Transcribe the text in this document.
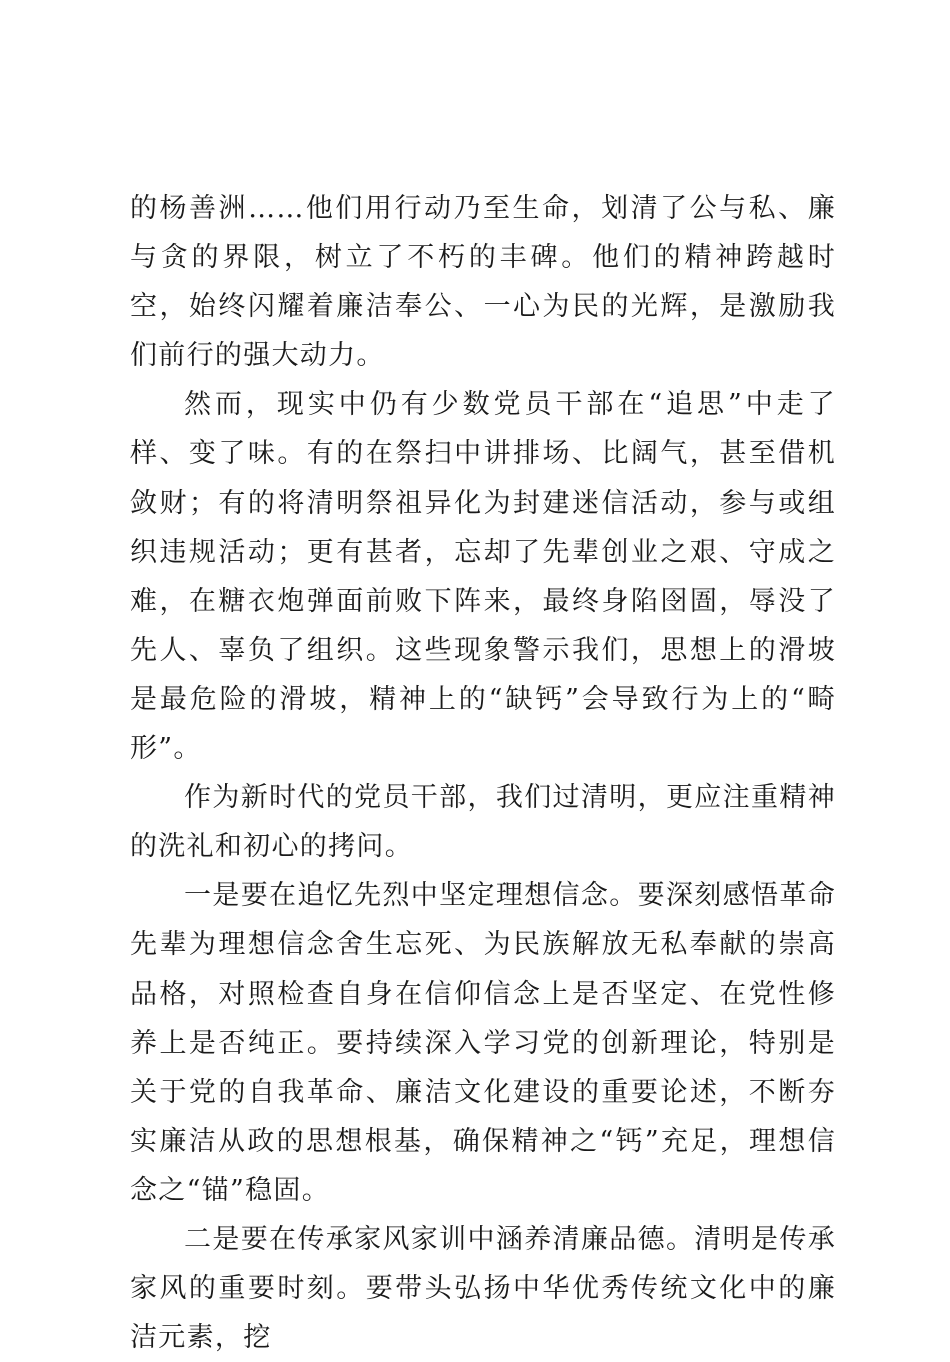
的杨善洲……他们用行动乃至生命，划清了公与私、廉与贪的界限，树立了不朽的丰碑。他们的精神跨越时空，始终闪耀着廉洁奉公、一心为民的光辉，是激励我们前行的强大动力。

然而，现实中仍有少数党员干部在“追思”中走了样、变了味。有的在祭扫中讲排场、比阔气，甚至借机敛财；有的将清明祭祖异化为封建迷信活动，参与或组织违规活动；更有甚者，忘却了先辈创业之艰、守成之难，在糖衣炮弹面前败下阵来，最终身陷囹圄，辱没了先人、辜负了组织。这些现象警示我们，思想上的滑坡是最危险的滑坡，精神上的“缺钙”会导致行为上的“畸形”。

作为新时代的党员干部，我们过清明，更应注重精神的洗礼和初心的拷问。

一是要在追忆先烈中坚定理想信念。要深刻感悟革命先辈为理想信念舍生忘死、为民族解放无私奉献的崇高品格，对照检查自身在信仰信念上是否坚定、在党性修养上是否纯正。要持续深入学习党的创新理论，特别是关于党的自我革命、廉洁文化建设的重要论述，不断夯实廉洁从政的思想根基，确保精神之“钙”充足，理想信念之“锚”稳固。

二是要在传承家风家训中涵养清廉品德。清明是传承家风的重要时刻。要带头弘扬中华优秀传统文化中的廉洁元素，挖
